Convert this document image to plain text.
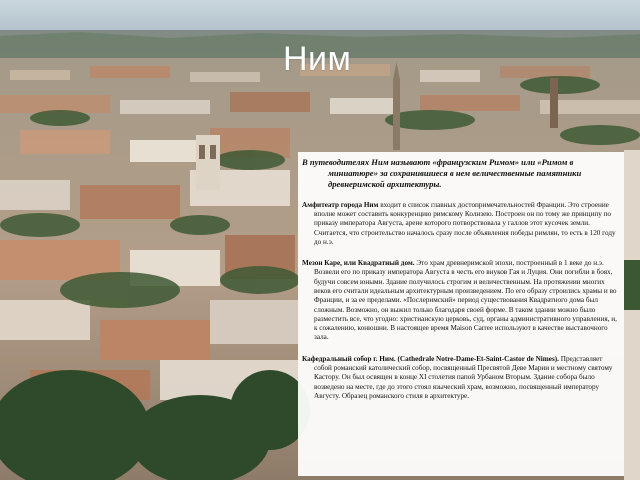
Ним

В путеводителях Ним называют «французским Римом» или «Римом в миниатюре» за сохранившиеся в нем величественные памятники древнеримской архитектуры.

Амфитеатр города Ним входит в список главных достопримечательностей Франции. Это строение вполне может составить конкуренцию римскому Колизею. Построен он по тому же принципу по приказу императора Августа, арене которого потворствовала у галлов этот кусочек земли. Считается, что строительство началось сразу после объявления победы римлян, то есть в 120 году до н.э.

Мезон Каре, или Квадратный дом. Это храм древнеримской эпохи, построенный в 1 веке до н.э. Возвели его по приказу императора Августа в честь его внуков Гая и Луция. Они погибли в боях, будучи совсем юными. Здание получилось строгим и величественным. На протяжении многих веков его считали идеальным архитектурным произведением. По его образу строились храмы и во Франции, и за ее пределами. «Послеримский» период существования Квадратного дома был сложным. Возможно, он выжил только благодаря своей форме. В таком здании можно было разместить все, что угодно: христианскую церковь, суд, органы административного управления, и, к сожалению, конюшни. В настоящее время Maison Carree используют в качестве выставочного зала.

Кафедральный собор г. Ним. (Cathedrale Notre-Dame-Et-Saint-Castor de Nimes). Представляет собой романский католический собор, посвященный Пресвятой Деве Марии и местному святому Кастору. Он был освящен в конце XI столетия папой Урбаном Вторым. Здание собора было возведено на месте, где до этого стоял языческий храм, возможно, посвященный императору Августу. Образец романского стиля в архитектуре.
